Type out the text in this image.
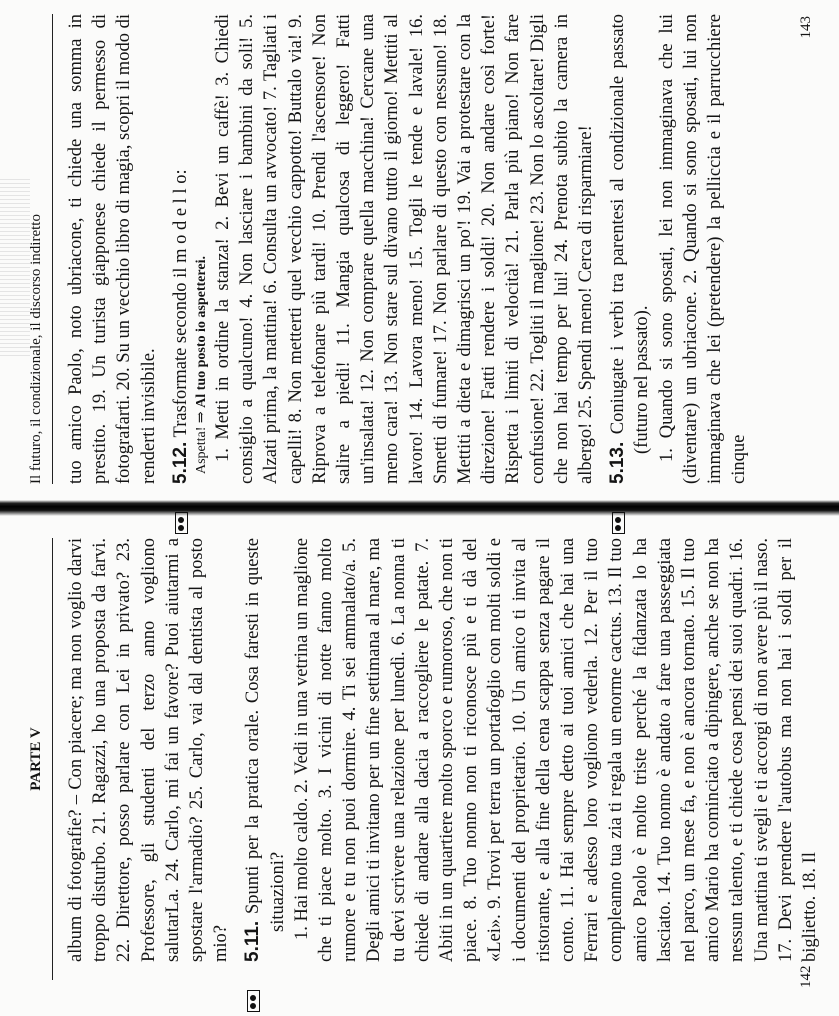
PARTE V	album di fotografie? – Con piacere; ma non voglio darvi troppo disturbo. 21. Ragazzi, ho una proposta da farvi. 22. Direttore, posso parlare con Lei in privato? 23. Professore, gli studenti del terzo anno vogliono salutarLa. 24. Carlo, mi fai un favore? Puoi aiutarmi a spostare l'armadio? 25. Carlo, vai dal dentista al posto mio? 5.11. Spunti per la pratica orale. Cosa faresti in queste situazioni? 1. Hai molto caldo. 2. Vedi in una vetrina un maglione che ti piace molto. 3. I vicini di notte fanno molto rumore e tu non puoi dormire. 4. Ti sei ammalato/a. 5. Degli amici ti invitano per un fine settimana al mare, ma tu devi scrivere una relazione per lunedì. 6. La nonna ti chiede di andare alla dacia a raccogliere le patate. 7. Abiti in un quartiere molto sporco e rumoroso, che non ti piace. 8. Tuo nonno non ti riconosce più e ti dà del «Lei». 9. Trovi per terra un portafoglio con molti soldi e i documenti del proprietario. 10. Un amico ti invita al ristorante, e alla fine della cena scappa senza pagare il conto. 11. Hai sempre detto ai tuoi amici che hai una Ferrari e adesso loro vogliono vederla. 12. Per il tuo compleanno tua zia ti regala un enorme cactus. 13. Il tuo amico Paolo è molto triste perché la fidanzata lo ha lasciato. 14. Tuo nonno è andato a fare una passeggiata nel parco, un mese fa, e non è ancora tornato. 15. Il tuo amico Mario ha cominciato a dipingere, anche se non ha nessun talento, e ti chiede cosa pensi dei suoi quadri. 16. Una mattina ti svegli e ti accorgi di non avere più il naso. 17. Devi prendere l'autobus ma non hai i soldi per il biglietto. 18. Il

142
Il futuro, il condizionale, il discorso indiretto	tuo amico Paolo, noto ubriacone, ti chiede una somma in prestito. 19. Un turista giapponese chiede il permesso di fotografarti. 20. Su un vecchio libro di magia, scopri il modo di renderti invisibile. 5.12. Trasformate secondo il m o d e l l o:

Aspetta! ⇒ Al tuo posto io aspetterei. 1. Metti in ordine la stanza! 2. Bevi un caffè! 3. Chiedi consiglio a qualcuno! 4. Non lasciare i bambini da soli! 5. Alzati prima, la mattina! 6. Consulta un avvocato! 7. Tagliati i capelli! 8. Non metterti quel vecchio cappotto! Buttalo via! 9. Riprova a telefonare più tardi! 10. Prendi l'ascensore! Non salire a piedi! 11. Mangia qualcosa di leggero! Fatti un'insalata! 12. Non comprare quella macchina! Cercane una meno cara! 13. Non stare sul divano tutto il giorno! Mettiti al lavoro! 14. Lavora meno! 15. Togli le tende e lavale! 16. Smetti di fumare! 17. Non parlare di questo con nessuno! 18. Mettiti a dieta e dimagrisci un po'! 19. Vai a protestare con la direzione! Fatti rendere i soldi! 20. Non andare così forte! Rispetta i limiti di velocità! 21. Parla più piano! Non fare confusione! 22. Togliti il maglione! 23. Non lo ascoltare! Digli che non hai tempo per lui! 24. Prenota subito la camera in albergo! 25. Spendi meno! Cerca di risparmiare! 5.13. Coniugate i verbi tra parentesi al condizionale passato (futuro nel passato). 1. Quando si sono sposati, lei non immaginava che lui (diventare) un ubriacone. 2. Quando si sono sposati, lui non immaginava che lei (pretendere) la pelliccia e il parrucchiere cinque

143
